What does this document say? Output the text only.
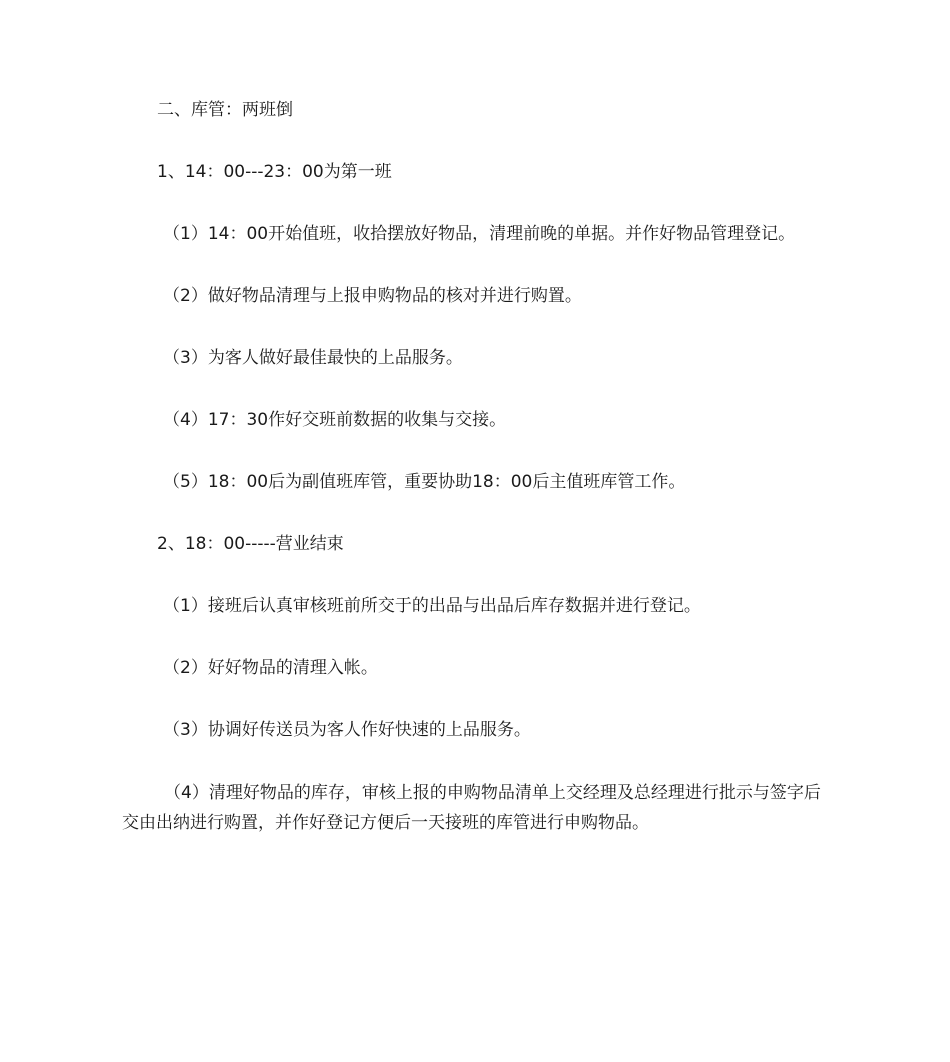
二、库管：两班倒
1、14：00---23：00为第一班
（1）14：00开始值班，收拾摆放好物品，清理前晚的单据。并作好物品管理登记。
（2）做好物品清理与上报申购物品的核对并进行购置。
（3）为客人做好最佳最快的上品服务。
（4）17：30作好交班前数据的收集与交接。
（5）18：00后为副值班库管，重要协助18：00后主值班库管工作。
2、18：00-----营业结束
（1）接班后认真审核班前所交于的出品与出品后库存数据并进行登记。
（2）好好物品的清理入帐。
（3）协调好传送员为客人作好快速的上品服务。
（4）清理好物品的库存，审核上报的申购物品清单上交经理及总经理进行批示与签字后交由出纳进行购置，并作好登记方便后一天接班的库管进行申购物品。
